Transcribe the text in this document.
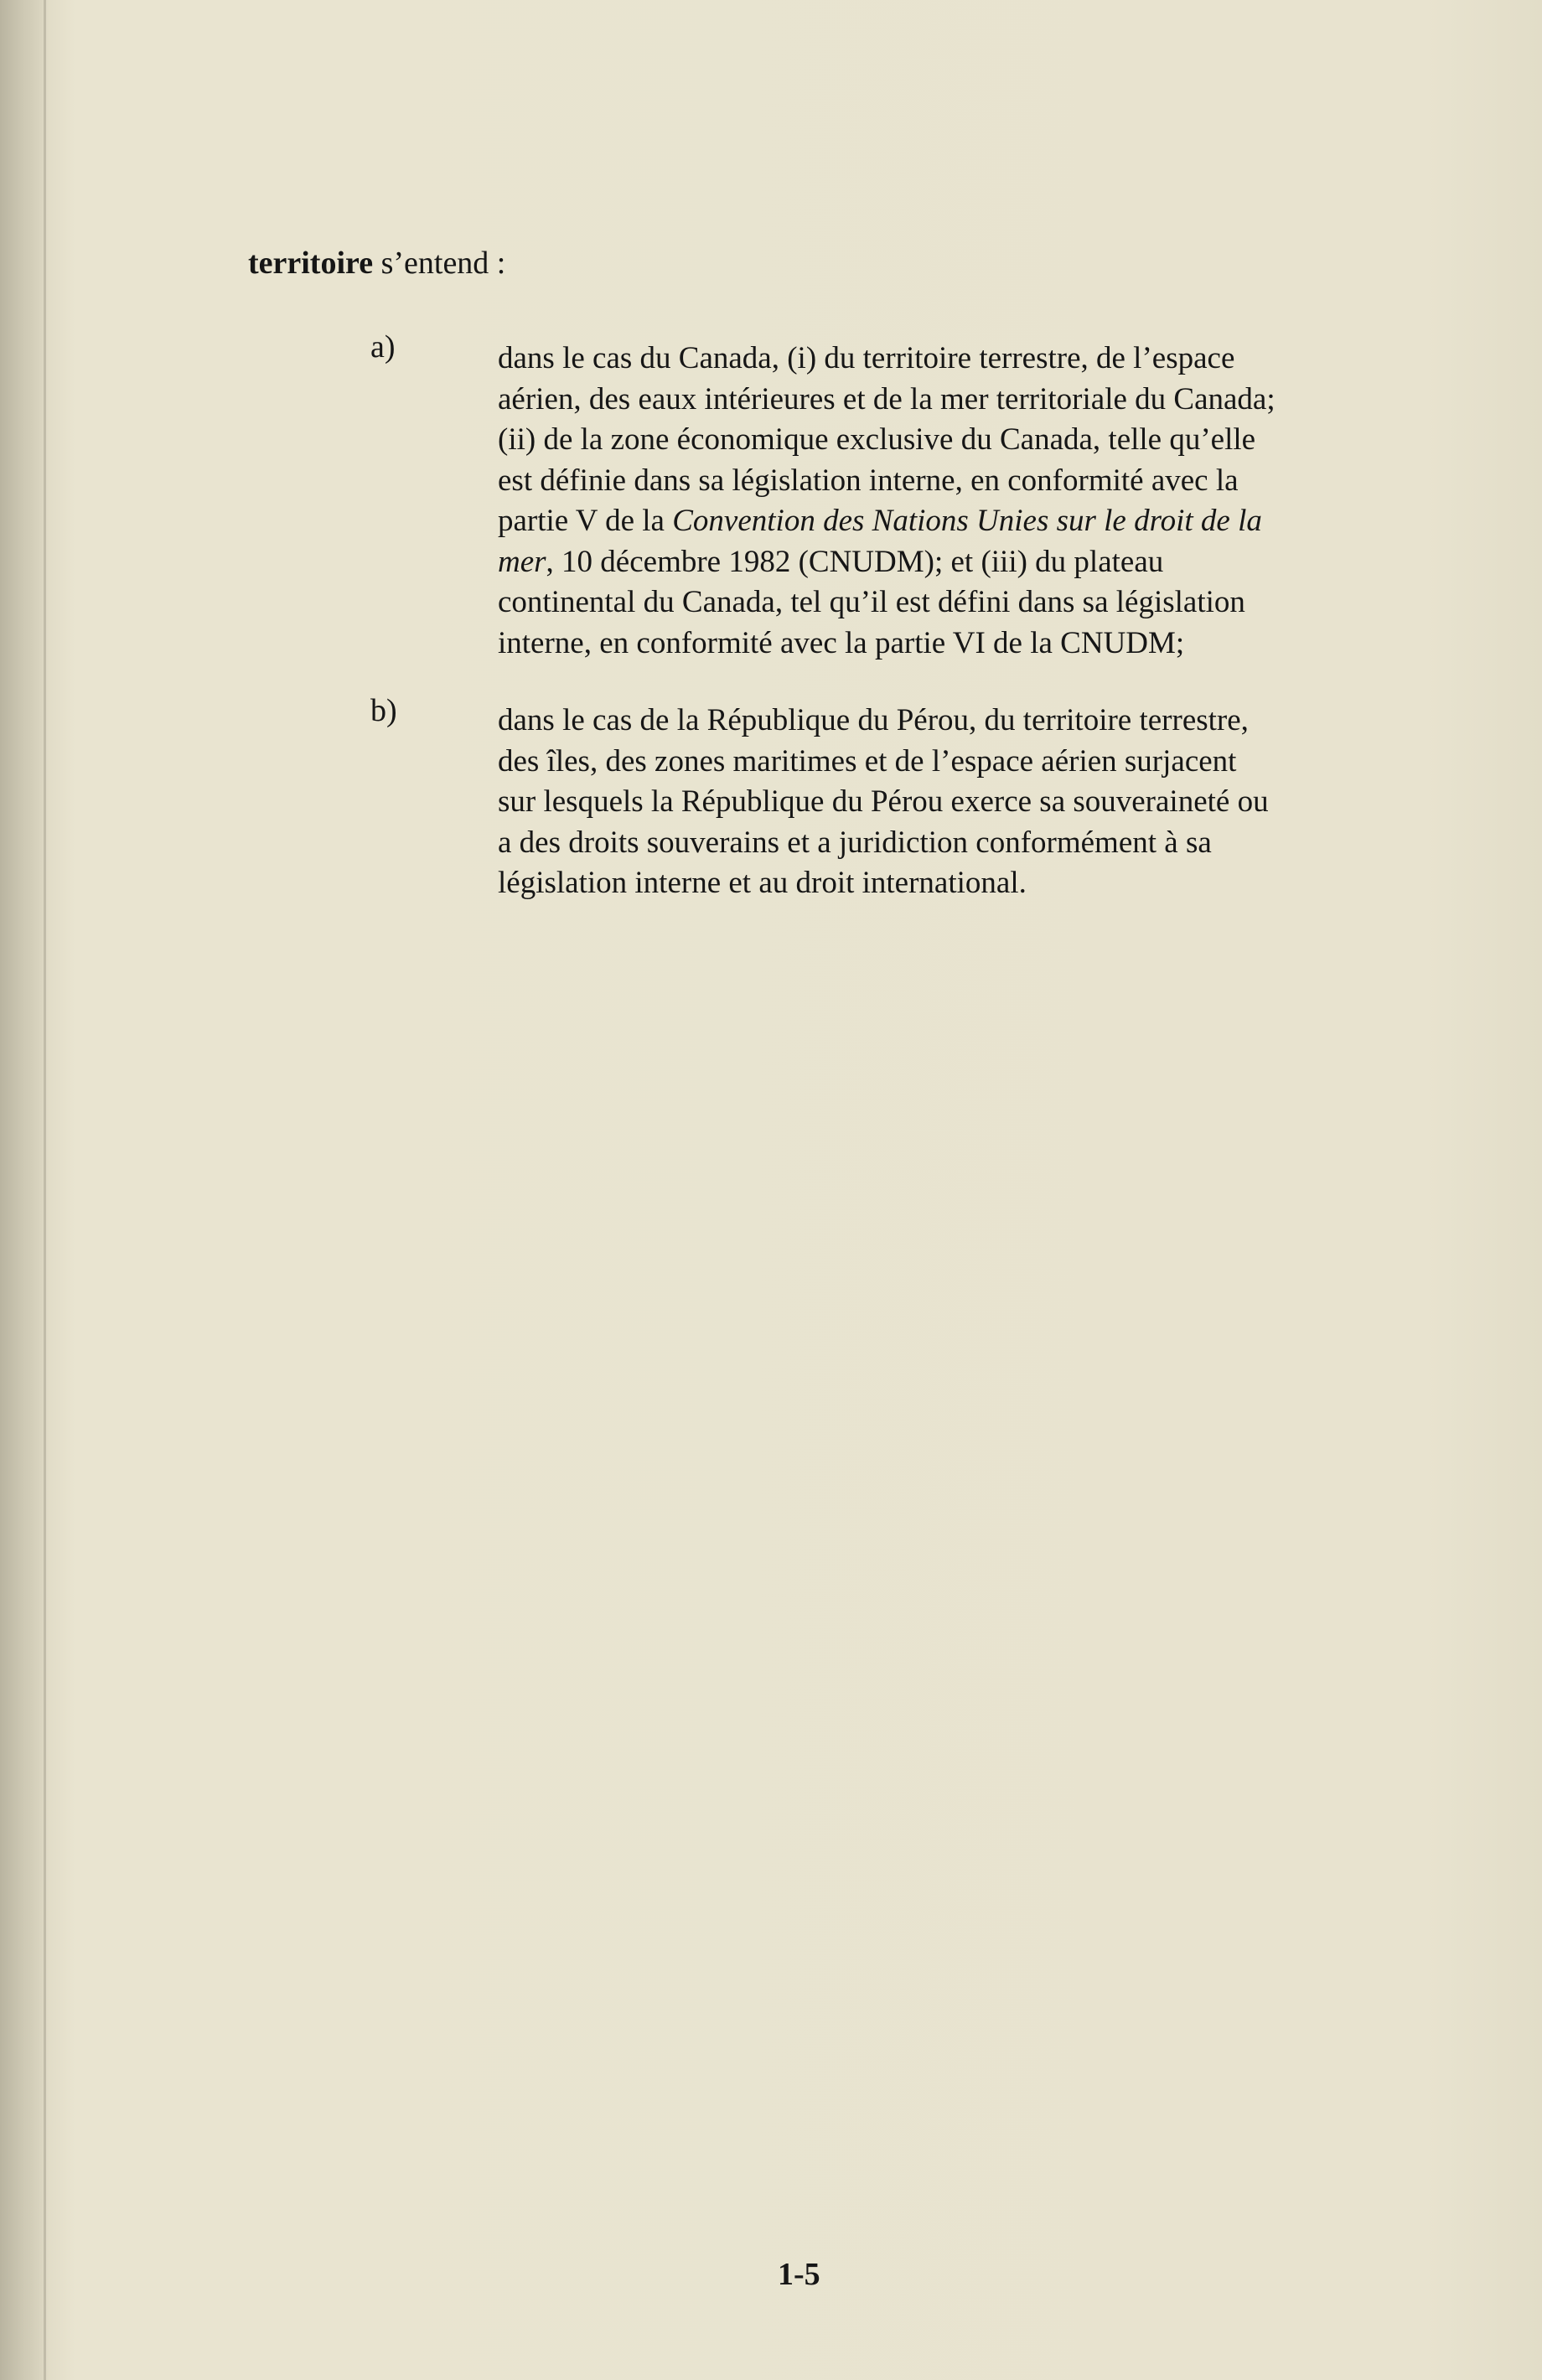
territoire s’entend :
a)	dans le cas du Canada, (i) du territoire terrestre, de l’espace
aérien, des eaux intérieures et de la mer territoriale du Canada;
(ii) de la zone économique exclusive du Canada, telle qu’elle
est définie dans sa législation interne, en conformité avec la
partie V de la Convention des Nations Unies sur le droit de la
mer, 10 décembre 1982 (CNUDM); et (iii) du plateau
continental du Canada, tel qu’il est défini dans sa législation
interne, en conformité avec la partie VI de la CNUDM;
b)	dans le cas de la République du Pérou, du territoire terrestre,
des îles, des zones maritimes et de l’espace aérien surjacent
sur lesquels la République du Pérou exerce sa souveraineté ou
a des droits souverains et a juridiction conformément à sa
législation interne et au droit international.
1-5
